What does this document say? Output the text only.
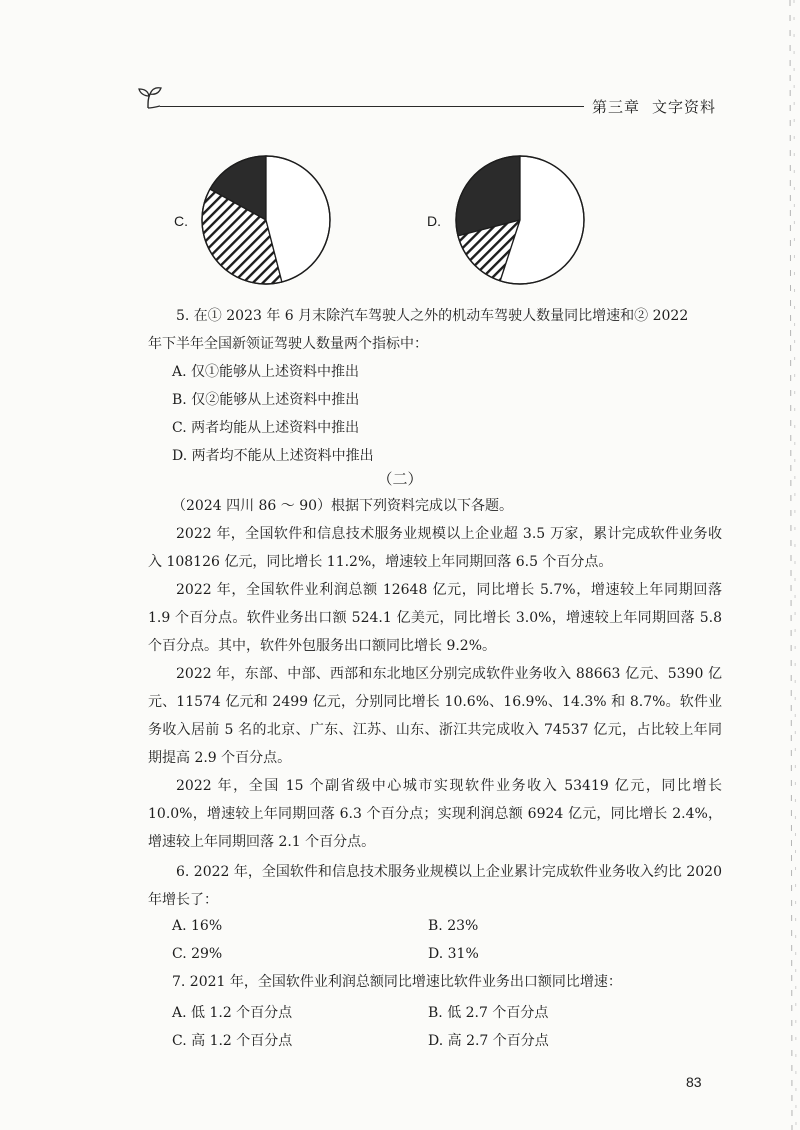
第三章 文字资料
C.	D.
5. 在① 2023 年 6 月末除汽车驾驶人之外的机动车驾驶人数量同比增速和② 2022
年下半年全国新领证驾驶人数量两个指标中：
A. 仅①能够从上述资料中推出
B. 仅②能够从上述资料中推出
C. 两者均能从上述资料中推出
D. 两者均不能从上述资料中推出
（二）
（2024 四川 86 ～ 90）根据下列资料完成以下各题。
2022 年，全国软件和信息技术服务业规模以上企业超 3.5 万家，累计完成软件业务收入 108126 亿元，同比增长 11.2%，增速较上年同期回落 6.5 个百分点。
2022 年，全国软件业利润总额 12648 亿元，同比增长 5.7%，增速较上年同期回落 1.9 个百分点。软件业务出口额 524.1 亿美元，同比增长 3.0%，增速较上年同期回落 5.8 个百分点。其中，软件外包服务出口额同比增长 9.2%。
2022 年，东部、中部、西部和东北地区分别完成软件业务收入 88663 亿元、5390 亿元、11574 亿元和 2499 亿元，分别同比增长 10.6%、16.9%、14.3% 和 8.7%。软件业务收入居前 5 名的北京、广东、江苏、山东、浙江共完成收入 74537 亿元，占比较上年同期提高 2.9 个百分点。
2022 年，全国 15 个副省级中心城市实现软件业务收入 53419 亿元，同比增长 10.0%，增速较上年同期回落 6.3 个百分点；实现利润总额 6924 亿元，同比增长 2.4%，增速较上年同期回落 2.1 个百分点。
6. 2022 年，全国软件和信息技术服务业规模以上企业累计完成软件业务收入约比 2020 年增长了：
A. 16%	B. 23%
C. 29%	D. 31%
7. 2021 年，全国软件业利润总额同比增速比软件业务出口额同比增速：
A. 低 1.2 个百分点	B. 低 2.7 个百分点
C. 高 1.2 个百分点	D. 高 2.7 个百分点
83
